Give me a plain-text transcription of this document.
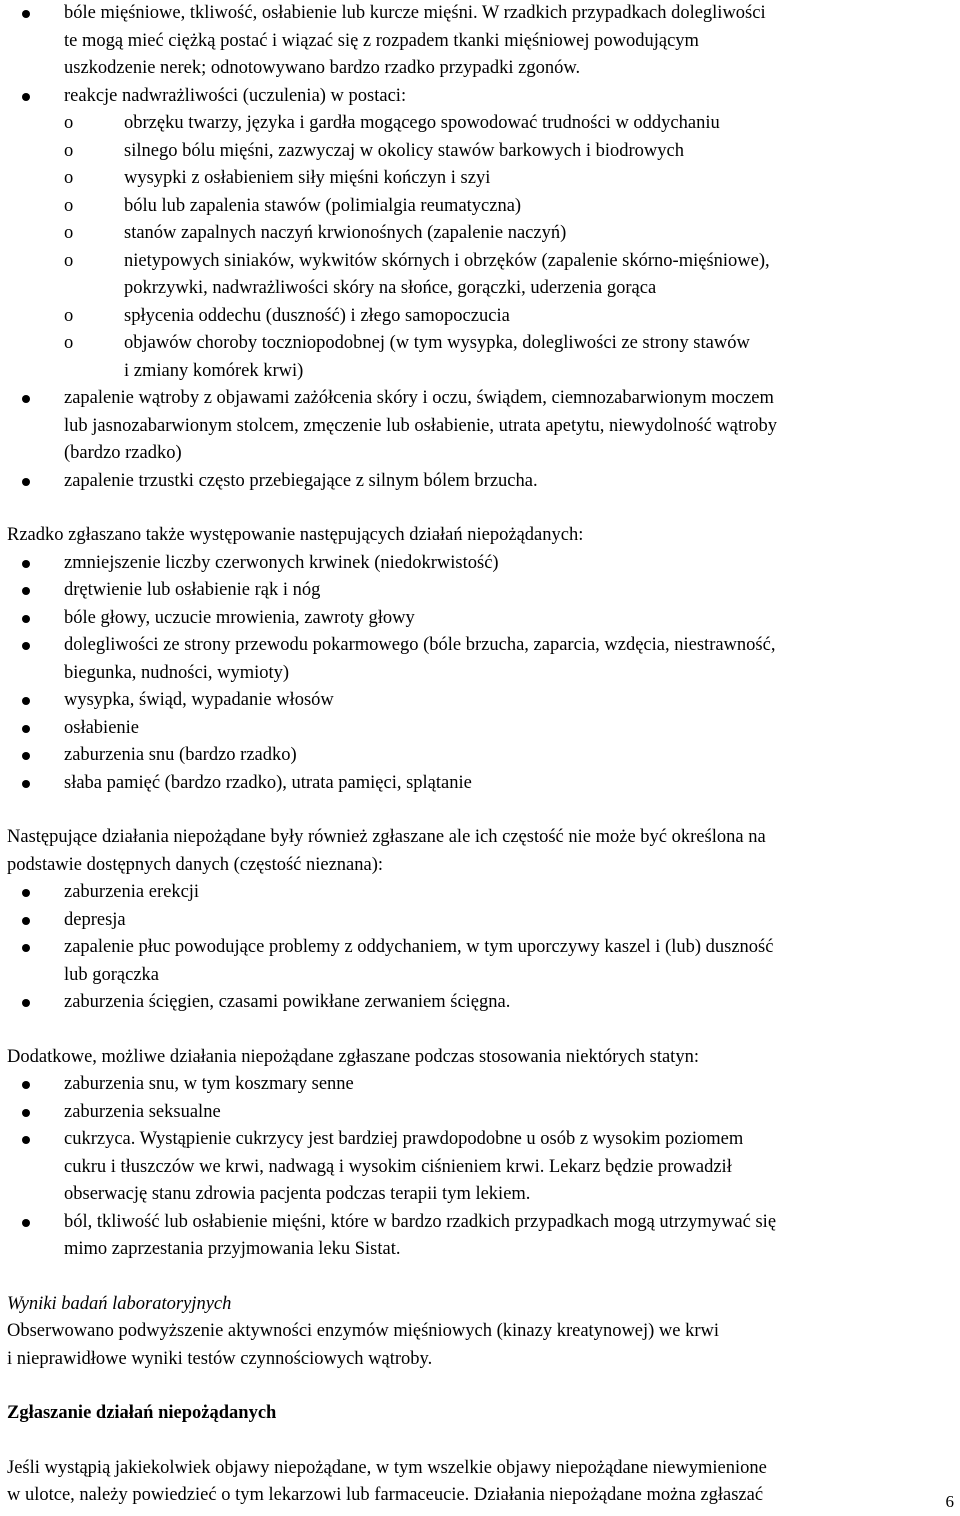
bóle mięśniowe, tkliwość, osłabienie lub kurcze mięśni. W rzadkich przypadkach dolegliwości
te mogą mieć ciężką postać i wiązać się z rozpadem tkanki mięśniowej powodującym
uszkodzenie nerek; odnotowywano bardzo rzadko przypadki zgonów.
reakcje nadwrażliwości (uczulenia) w postaci:
o	obrzęku twarzy, języka i gardła mogącego spowodować trudności w oddychaniu
o	silnego bólu mięśni, zazwyczaj w okolicy stawów barkowych i biodrowych
o	wysypki z osłabieniem siły mięśni kończyn i szyi
o	bólu lub zapalenia stawów (polimialgia reumatyczna)
o	stanów zapalnych naczyń krwionośnych (zapalenie naczyń)
o	nietypowych siniaków, wykwitów skórnych i obrzęków (zapalenie skórno-mięśniowe),
pokrzywki, nadwrażliwości skóry na słońce, gorączki, uderzenia gorąca
o	spłycenia oddechu (duszność) i złego samopoczucia
o	objawów choroby toczniopodobnej (w tym wysypka, dolegliwości ze strony stawów
i zmiany komórek krwi)
zapalenie wątroby z objawami zażółcenia skóry i oczu, świądem, ciemnozabarwionym moczem
lub jasnozabarwionym stolcem, zmęczenie lub osłabienie, utrata apetytu, niewydolność wątroby
(bardzo rzadko)
zapalenie trzustki często przebiegające z silnym bólem brzucha.
Rzadko zgłaszano także występowanie następujących działań niepożądanych:
zmniejszenie liczby czerwonych krwinek (niedokrwistość)
drętwienie lub osłabienie rąk i nóg
bóle głowy, uczucie mrowienia, zawroty głowy
dolegliwości ze strony przewodu pokarmowego (bóle brzucha, zaparcia, wzdęcia, niestrawność,
biegunka, nudności, wymioty)
wysypka, świąd, wypadanie włosów
osłabienie
zaburzenia snu (bardzo rzadko)
słaba pamięć (bardzo rzadko), utrata pamięci, splątanie
Następujące działania niepożądane były również zgłaszane ale ich częstość nie może być określona na
podstawie dostępnych danych (częstość nieznana):
zaburzenia erekcji
depresja
zapalenie płuc powodujące problemy z oddychaniem, w tym uporczywy kaszel i (lub) duszność
lub gorączka
zaburzenia ścięgien, czasami powikłane zerwaniem ścięgna.
Dodatkowe, możliwe działania niepożądane zgłaszane podczas stosowania niektórych statyn:
zaburzenia snu, w tym koszmary senne
zaburzenia seksualne
cukrzyca. Wystąpienie cukrzycy jest bardziej prawdopodobne u osób z wysokim poziomem
cukru i tłuszczów we krwi, nadwagą i wysokim ciśnieniem krwi. Lekarz będzie prowadził
obserwację stanu zdrowia pacjenta podczas terapii tym lekiem.
ból, tkliwość lub osłabienie mięśni, które w bardzo rzadkich przypadkach mogą utrzymywać się
mimo zaprzestania przyjmowania leku Sistat.
Wyniki badań laboratoryjnych
Obserwowano podwyższenie aktywności enzymów mięśniowych (kinazy kreatynowej) we krwi
i nieprawidłowe wyniki testów czynnościowych wątroby.
Zgłaszanie działań niepożądanych
Jeśli wystąpią jakiekolwiek objawy niepożądane, w tym wszelkie objawy niepożądane niewymienione
w ulotce, należy powiedzieć o tym lekarzowi lub farmaceucie. Działania niepożądane można zgłaszać	6
